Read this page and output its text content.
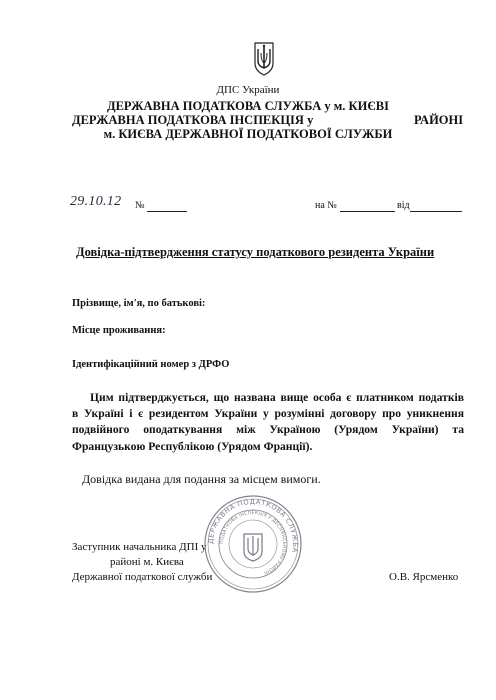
ДПС України
ДЕРЖАВНА ПОДАТКОВА СЛУЖБА у м. КИЄВІ
ДЕРЖАВНА ПОДАТКОВА ІНСПЕКЦІЯ у	РАЙОНІ
м. КИЄВА ДЕРЖАВНОЇ ПОДАТКОВОЇ СЛУЖБИ
29.10.12 №	на №	від
Довідка-підтвердження статусу податкового резидента України
Прізвище, ім'я, по батькові:
Місце проживання:
Ідентифікаційний номер з ДРФО
Цим підтверджується, що названа вище особа є платником податків
в Україні і є резидентом України у розумінні договору про уникнення
подвійного оподаткування між Україною (Урядом України) та
Французькою Республікою (Урядом Франції).
Довідка видана для подання за місцем вимоги.
Заступник начальника ДПІ у
районі м. Києва
Державної податкової служби	О.В. Ярсменко
ДЕРЖАВНА ПОДАТКОВА СЛУЖБА
ПОДАТКОВА ІНСПЕКЦІЯ У ДЕСНЯНСЬКОМУ РАЙОНІ
